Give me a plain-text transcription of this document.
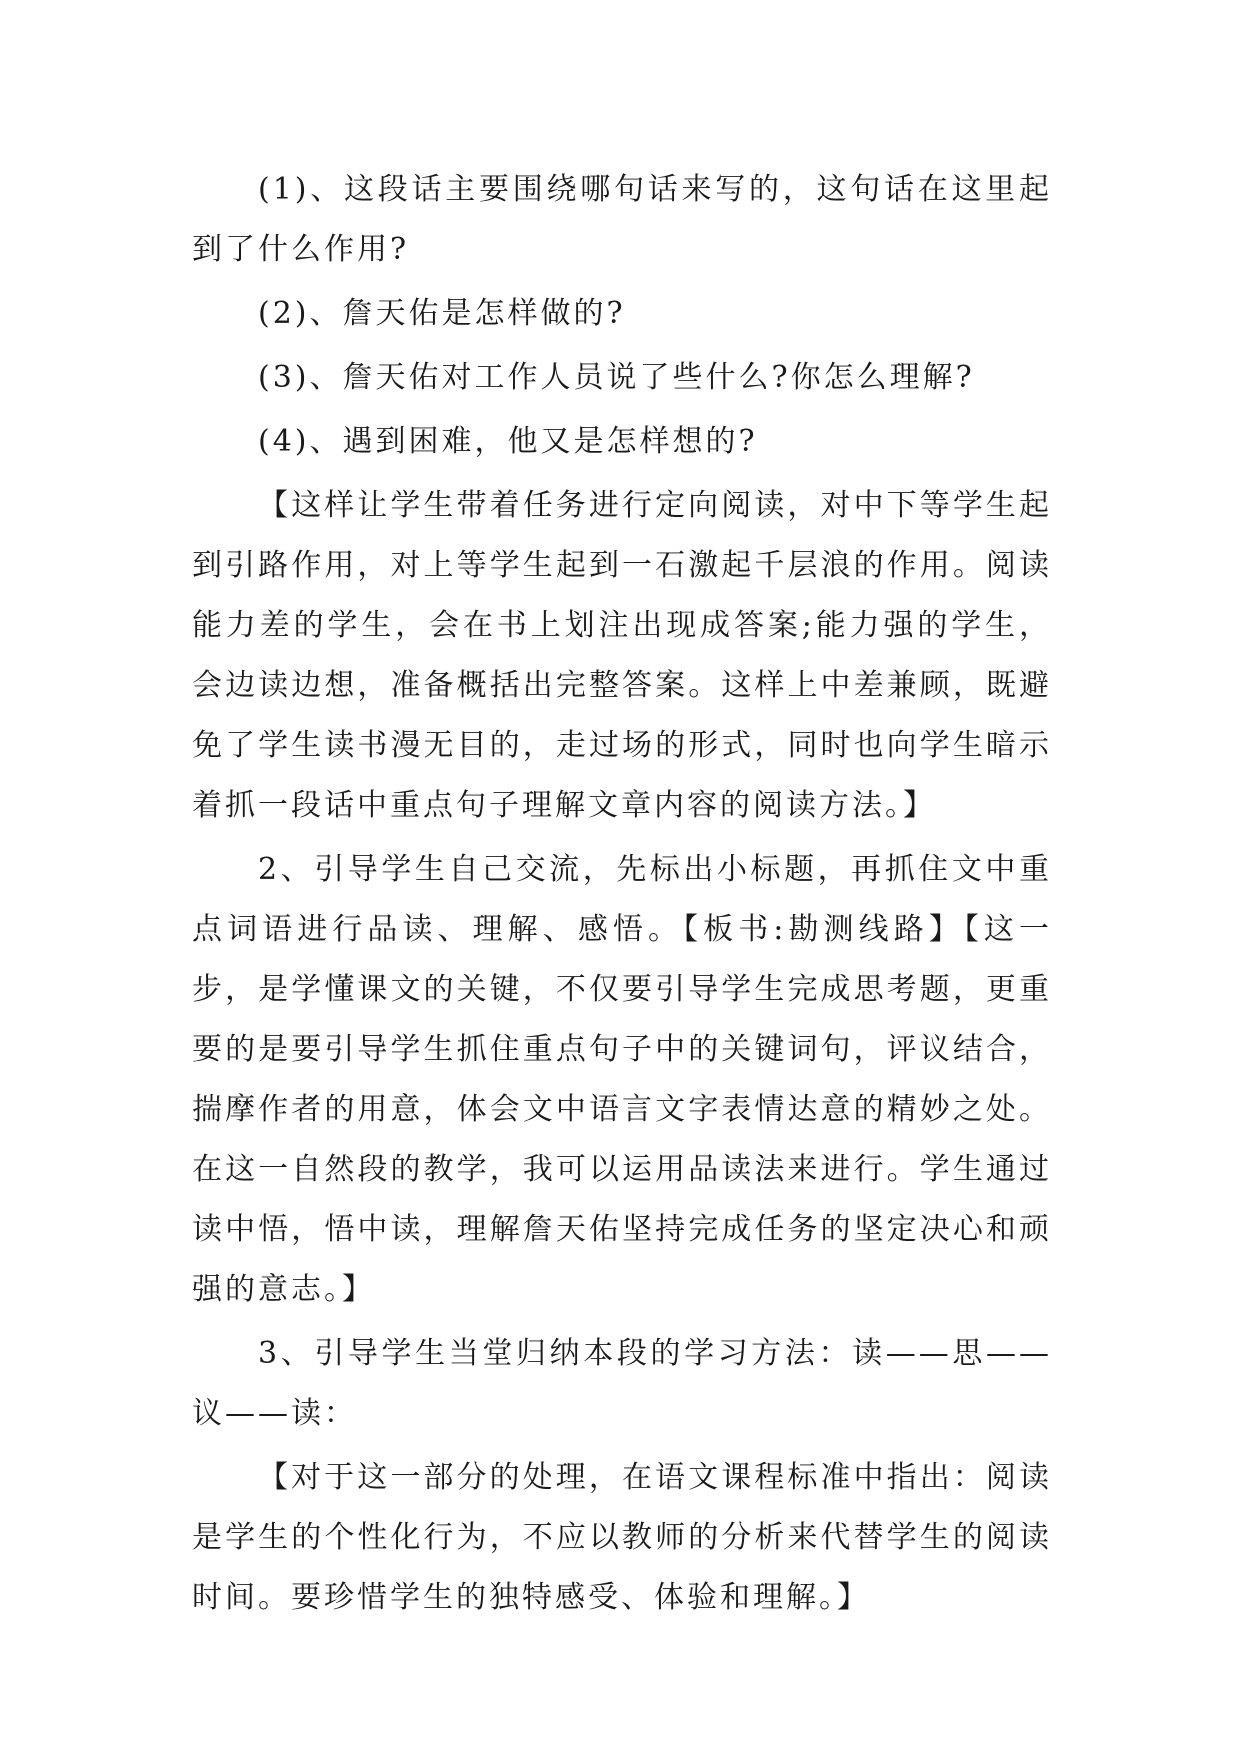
(1)、这段话主要围绕哪句话来写的，这句话在这里起到了什么作用?

(2)、詹天佑是怎样做的?

(3)、詹天佑对工作人员说了些什么?你怎么理解?

(4)、遇到困难，他又是怎样想的?

【这样让学生带着任务进行定向阅读，对中下等学生起到引路作用，对上等学生起到一石激起千层浪的作用。阅读能力差的学生，会在书上划注出现成答案;能力强的学生，会边读边想，准备概括出完整答案。这样上中差兼顾，既避免了学生读书漫无目的，走过场的形式，同时也向学生暗示着抓一段话中重点句子理解文章内容的阅读方法。】

2、引导学生自己交流，先标出小标题，再抓住文中重点词语进行品读、理解、感悟。【板书:勘测线路】【这一步，是学懂课文的关键，不仅要引导学生完成思考题，更重要的是要引导学生抓住重点句子中的关键词句，评议结合，揣摩作者的用意，体会文中语言文字表情达意的精妙之处。在这一自然段的教学，我可以运用品读法来进行。学生通过读中悟，悟中读，理解詹天佑坚持完成任务的坚定决心和顽强的意志。】

3、引导学生当堂归纳本段的学习方法：读——思——议——读：

【对于这一部分的处理，在语文课程标准中指出：阅读是学生的个性化行为，不应以教师的分析来代替学生的阅读时间。要珍惜学生的独特感受、体验和理解。】
